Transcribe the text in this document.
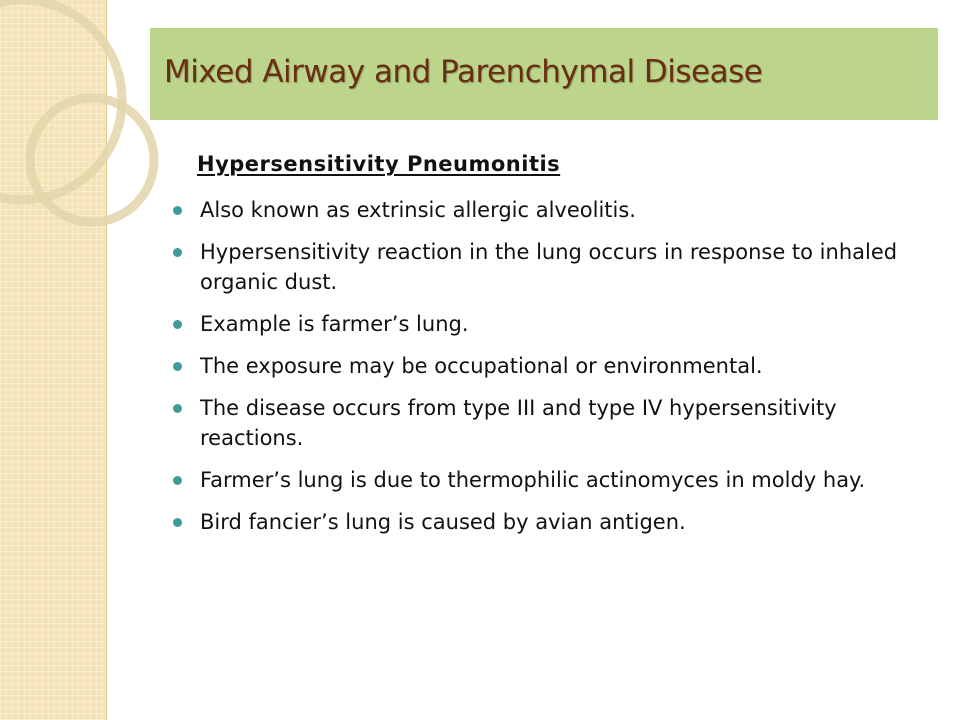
Mixed Airway and Parenchymal Disease
Hypersensitivity Pneumonitis
Also known as extrinsic allergic alveolitis.
Hypersensitivity reaction in the lung occurs in response to inhaled organic dust.
Example is farmer’s lung.
The exposure may be occupational or environmental.
The disease occurs from type III and type IV hypersensitivity reactions.
Farmer’s lung is due to thermophilic actinomyces in moldy hay.
Bird fancier’s lung is caused by avian antigen.
